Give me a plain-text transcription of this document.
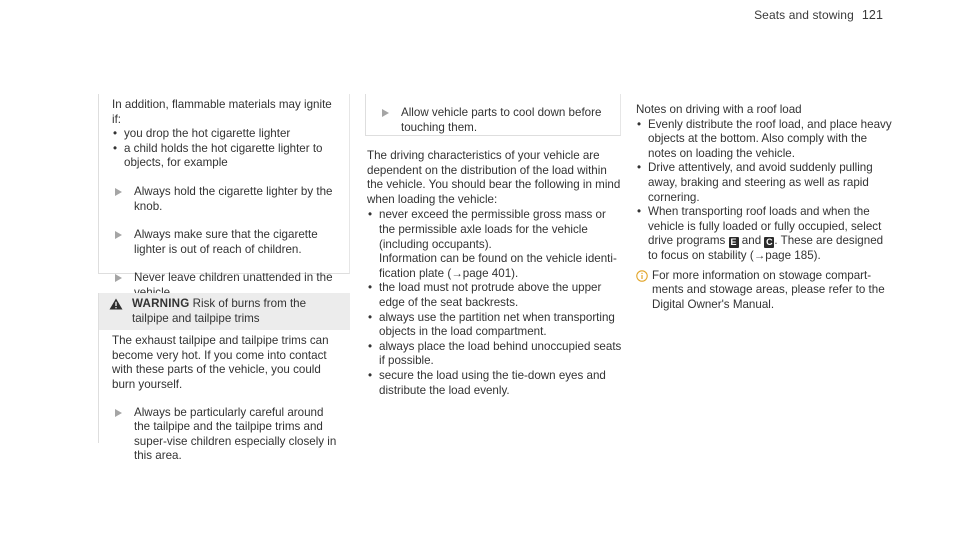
Seats and stowing 121

In addition, flammable materials may ignite if:

• you drop the hot cigarette lighter

• a child holds the hot cigarette lighter to objects, for example

Always hold the cigarette lighter by the knob.
Always make sure that the cigarette lighter is out of reach of children.
Never leave children unattended in the
WARNING Risk of burns from the tailpipe and tailpipe trims

The exhaust tailpipe and tailpipe trims can become very hot. If you come into contact with these parts of the vehicle, you could burn yourself.

Always be particularly careful around the tailpipe and the tailpipe trims and super-vise children especially closely in this area.
Allow vehicle parts to cool down before touching them.

The driving characteristics of your vehicle are dependent on the distribution of the load within the vehicle. You should bear the following in mind when loading the vehicle:

• never exceed the permissible gross mass or the permissible axle loads for the vehicle (including occupants).

Information can be found on the vehicle identi-fication plate (→page 401).

• the load must not protrude above the upper edge of the seat backrests.

• always use the partition net when transporting objects in the load compartment.

• always place the load behind unoccupied seats if possible.

• secure the load using the tie-down eyes and distribute the load evenly.

Notes on driving with a roof load

• Evenly distribute the roof load, and place heavy objects at the bottom. Also comply with the notes on loading the vehicle.

• Drive attentively, and avoid suddenly pulling away, braking and steering as well as rapid cornering.

• When transporting roof loads and when the vehicle is fully loaded or fully occupied, select drive programs E and C . These are designed to focus on stability (→page 185).

For more information on stowage compart-ments and stowage areas, please refer to the Digital Owner's Manual.
